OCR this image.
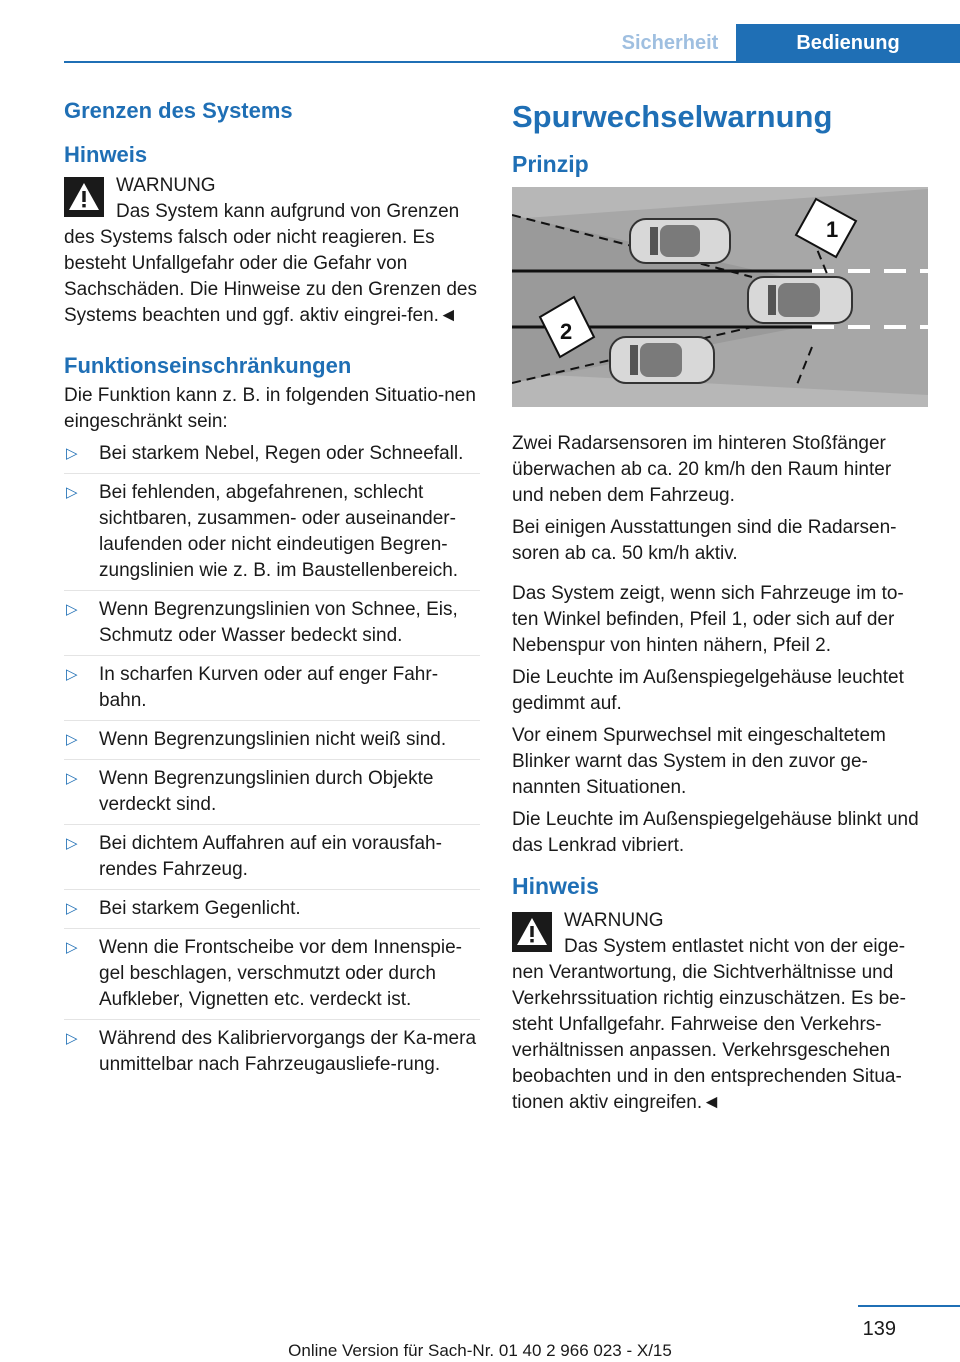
Sicherheit	Bedienung
Grenzen des Systems
Hinweis
WARNUNG
Das System kann aufgrund von Grenzen des Systems falsch oder nicht reagieren. Es besteht Unfallgefahr oder die Gefahr von Sachschäden. Die Hinweise zu den Grenzen des Systems beachten und ggf. aktiv eingrei-fen.◄
Funktionseinschränkungen

Die Funktion kann z. B. in folgenden Situatio-nen eingeschränkt sein:

▷ Bei starkem Nebel, Regen oder Schneefall.
▷ Bei fehlenden, abgefahrenen, schlecht sichtbaren, zusammen- oder auseinander-laufenden oder nicht eindeutigen Begren-zungslinien wie z. B. im Baustellenbereich.
▷ Wenn Begrenzungslinien von Schnee, Eis, Schmutz oder Wasser bedeckt sind.
▷ In scharfen Kurven oder auf enger Fahr-bahn.
▷ Wenn Begrenzungslinien nicht weiß sind.
▷ Wenn Begrenzungslinien durch Objekte verdeckt sind.
▷ Bei dichtem Auffahren auf ein vorausfah-rendes Fahrzeug.
▷ Bei starkem Gegenlicht.
▷ Wenn die Frontscheibe vor dem Innenspie-gel beschlagen, verschmutzt oder durch Aufkleber, Vignetten etc. verdeckt ist.
▷ Während des Kalibriervorgangs der Ka-mera unmittelbar nach Fahrzeugausliefe-rung.
Spurwechselwarnung
Prinzip
1
2

Zwei Radarsensoren im hinteren Stoßfänger überwachen ab ca. 20 km/h den Raum hinter und neben dem Fahrzeug.

Bei einigen Ausstattungen sind die Radarsen-soren ab ca. 50 km/h aktiv.

Das System zeigt, wenn sich Fahrzeuge im to-ten Winkel befinden, Pfeil 1, oder sich auf der Nebenspur von hinten nähern, Pfeil 2.

Die Leuchte im Außenspiegelgehäuse leuchtet gedimmt auf.

Vor einem Spurwechsel mit eingeschaltetem Blinker warnt das System in den zuvor ge-nannten Situationen.

Die Leuchte im Außenspiegelgehäuse blinkt und das Lenkrad vibriert.

Hinweis
WARNUNG
Das System entlastet nicht von der eige-nen Verantwortung, die Sichtverhältnisse und Verkehrssituation richtig einzuschätzen. Es be-steht Unfallgefahr. Fahrweise den Verkehrs-verhältnissen anpassen. Verkehrsgeschehen beobachten und in den entsprechenden Situa-tionen aktiv eingreifen.◄
139
Online Version für Sach-Nr. 01 40 2 966 023 - X/15
